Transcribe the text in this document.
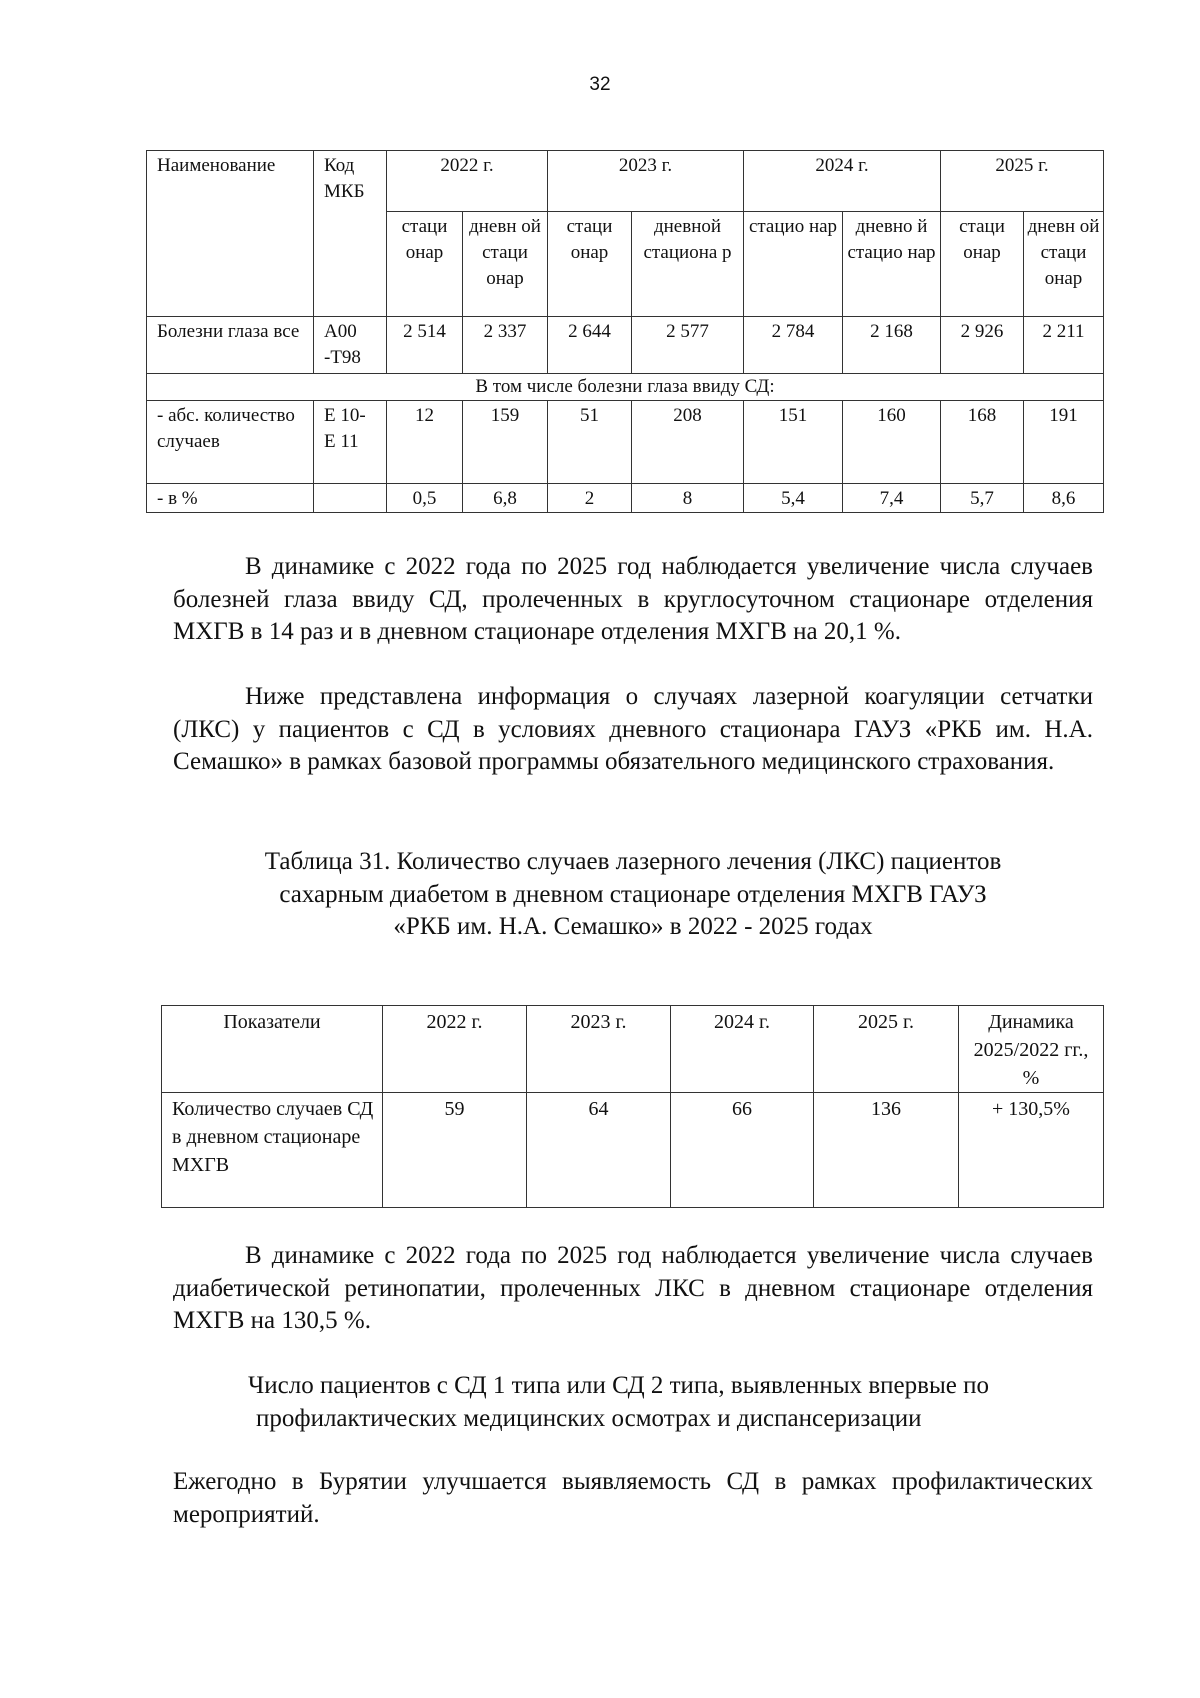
32
Наименование	Код МКБ	2022 г.		2023 г.		2024 г.		2025 г.	
		стаци онар	дневн ой стаци онар	стаци онар	дневной стациона р	стацио нар	дневно й стацио нар	стаци онар	дневн ой стаци онар
Болезни глаза все	А00 -Т98	2 514	2 337	2 644	2 577	2 784	2 168	2 926	2 211
В том числе болезни глаза ввиду СД:									
- абс. количество случаев	Е 10- Е 11	12	159	51	208	151	160	168	191
- в %		0,5	6,8	2	8	5,4	7,4	5,7	8,6

В динамике с 2022 года по 2025 год наблюдается увеличение числа случаев болезней глаза ввиду СД, пролеченных в круглосуточном стационаре отделения МХГВ в 14 раз и в дневном стационаре отделения МХГВ на 20,1 %.

Ниже представлена информация о случаях лазерной коагуляции сетчатки (ЛКС) у пациентов с СД в условиях дневного стационара ГАУЗ «РКБ им. Н.А. Семашко» в рамках базовой программы обязательного медицинского страхования.

Таблица 31. Количество случаев лазерного лечения (ЛКС) пациентов
сахарным диабетом в дневном стационаре отделения МХГВ ГАУЗ
«РКБ им. Н.А. Семашко» в 2022 - 2025 годах
Показатели	2022 г.	2023 г.	2024 г.	2025 г.	Динамика 2025/2022 гг., %
Количество случаев СД в дневном стационаре МХГВ	59	64	66	136	+ 130,5%

В динамике с 2022 года по 2025 год наблюдается увеличение числа случаев диабетической ретинопатии, пролеченных ЛКС в дневном стационаре отделения МХГВ на 130,5 %.

Число пациентов с СД 1 типа или СД 2 типа, выявленных впервые по
профилактических медицинских осмотрах и диспансеризации

Ежегодно в Бурятии улучшается выявляемость СД в рамках профилактических мероприятий.
